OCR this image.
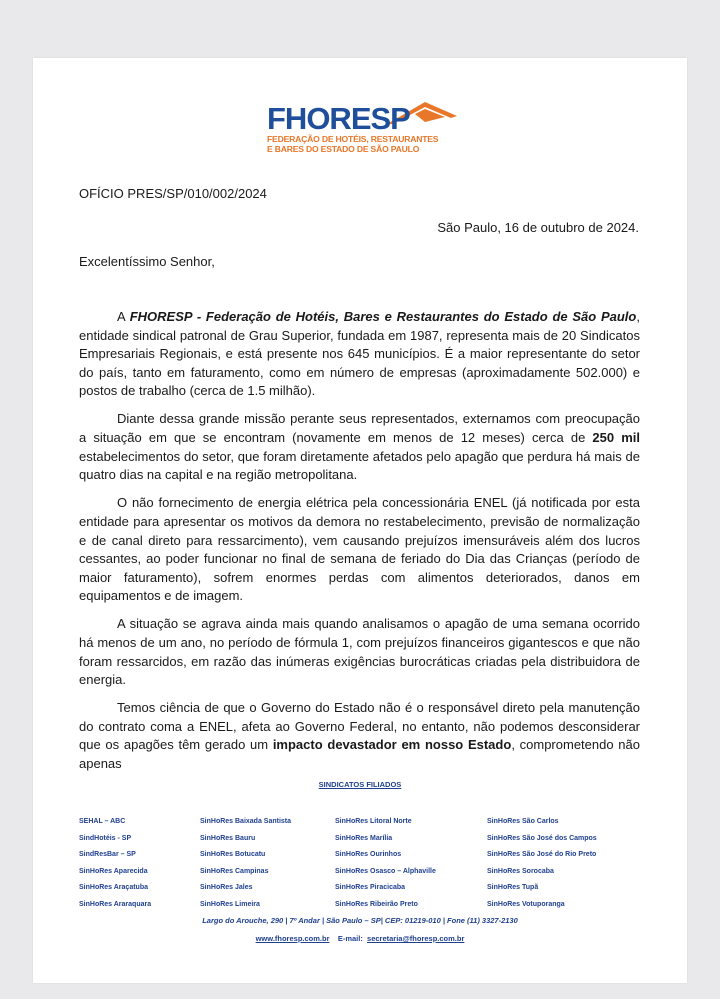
FHORESP
FEDERAÇÃO DE HOTÉIS, RESTAURANTES
E BARES DO ESTADO DE SÃO PAULO
OFÍCIO PRES/SP/010/002/2024
São Paulo, 16 de outubro de 2024.
Excelentíssimo Senhor,

A FHORESP - Federação de Hotéis, Bares e Restaurantes do Estado de São Paulo, entidade sindical patronal de Grau Superior, fundada em 1987, representa mais de 20 Sindicatos Empresariais Regionais, e está presente nos 645 municípios. É a maior representante do setor do país, tanto em faturamento, como em número de empresas (aproximadamente 502.000) e postos de trabalho (cerca de 1.5 milhão).

Diante dessa grande missão perante seus representados, externamos com preocupação a situação em que se encontram (novamente em menos de 12 meses) cerca de 250 mil estabelecimentos do setor, que foram diretamente afetados pelo apagão que perdura há mais de quatro dias na capital e na região metropolitana.

O não fornecimento de energia elétrica pela concessionária ENEL (já notificada por esta entidade para apresentar os motivos da demora no restabelecimento, previsão de normalização e de canal direto para ressarcimento), vem causando prejuízos imensuráveis além dos lucros cessantes, ao poder funcionar no final de semana de feriado do Dia das Crianças (período de maior faturamento), sofrem enormes perdas com alimentos deteriorados, danos em equipamentos e de imagem.

A situação se agrava ainda mais quando analisamos o apagão de uma semana ocorrido há menos de um ano, no período de fórmula 1, com prejuízos financeiros gigantescos e que não foram ressarcidos, em razão das inúmeras exigências burocráticas criadas pela distribuidora de energia.

Temos ciência de que o Governo do Estado não é o responsável direto pela manutenção do contrato coma a ENEL, afeta ao Governo Federal, no entanto, não podemos desconsiderar que os apagões têm gerado um impacto devastador em nosso Estado, comprometendo não apenas

SINDICATOS FILIADOS
SEHAL – ABC
SindHotéis - SP
SindResBar – SP
SinHoRes Aparecida
SinHoRes Araçatuba
SinHoRes Araraquara
SinHoRes Baixada Santista
SinHoRes Bauru
SinHoRes Botucatu
SinHoRes Campinas
SinHoRes Jales
SinHoRes Limeira
SinHoRes Litoral Norte
SinHoRes Marília
SinHoRes Ourinhos
SinHoRes Osasco – Alphaville
SinHoRes Piracicaba
SinHoRes Ribeirão Preto
SinHoRes São Carlos
SinHoRes São José dos Campos
SinHoRes São José do Rio Preto
SinHoRes Sorocaba
SinHoRes Tupã
SinHoRes Votuporanga
Largo do Arouche, 290 | 7º Andar | São Paulo – SP| CEP: 01219-010 | Fone (11) 3327-2130
www.fhoresp.com.br E-mail: secretaria@fhoresp.com.br
